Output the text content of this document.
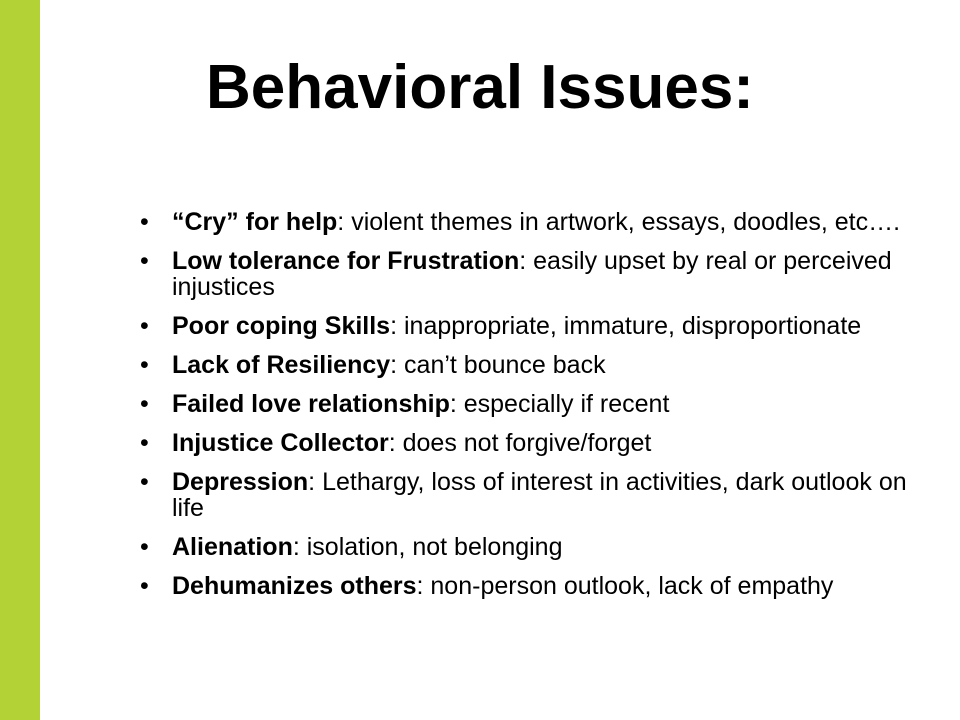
Behavioral Issues:
• “Cry” for help: violent themes in artwork, essays, doodles, etc….
• Low tolerance for Frustration: easily upset by real or perceived injustices
• Poor coping Skills: inappropriate, immature, disproportionate
• Lack of Resiliency: can’t bounce back
• Failed love relationship: especially if recent
• Injustice Collector: does not forgive/forget
• Depression: Lethargy, loss of interest in activities, dark outlook on life
• Alienation: isolation, not belonging
• Dehumanizes others: non-person outlook, lack of empathy
